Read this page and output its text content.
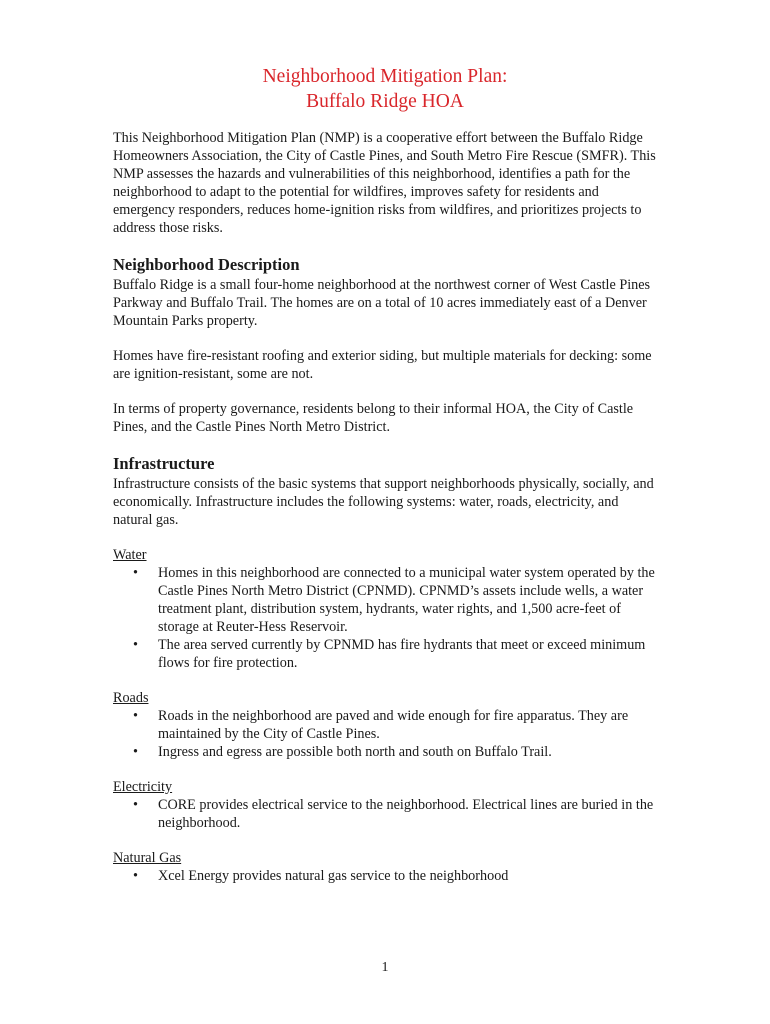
Neighborhood Mitigation Plan:
Buffalo Ridge HOA

This Neighborhood Mitigation Plan (NMP) is a cooperative effort between the Buffalo Ridge Homeowners Association, the City of Castle Pines, and South Metro Fire Rescue (SMFR). This NMP assesses the hazards and vulnerabilities of this neighborhood, identifies a path for the neighborhood to adapt to the potential for wildfires, improves safety for residents and emergency responders, reduces home-ignition risks from wildfires, and prioritizes projects to address those risks.

Neighborhood Description

Buffalo Ridge is a small four-home neighborhood at the northwest corner of West Castle Pines Parkway and Buffalo Trail. The homes are on a total of 10 acres immediately east of a Denver Mountain Parks property.

Homes have fire-resistant roofing and exterior siding, but multiple materials for decking: some are ignition-resistant, some are not.

In terms of property governance, residents belong to their informal HOA, the City of Castle Pines, and the Castle Pines North Metro District.

Infrastructure

Infrastructure consists of the basic systems that support neighborhoods physically, socially, and economically. Infrastructure includes the following systems: water, roads, electricity, and natural gas.

Water
• Homes in this neighborhood are connected to a municipal water system operated by the Castle Pines North Metro District (CPNMD). CPNMD’s assets include wells, a water treatment plant, distribution system, hydrants, water rights, and 1,500 acre-feet of storage at Reuter-Hess Reservoir.
• The area served currently by CPNMD has fire hydrants that meet or exceed minimum flows for fire protection.
Roads
• Roads in the neighborhood are paved and wide enough for fire apparatus. They are maintained by the City of Castle Pines.
• Ingress and egress are possible both north and south on Buffalo Trail.
Electricity
• CORE provides electrical service to the neighborhood. Electrical lines are buried in the neighborhood.
Natural Gas
• Xcel Energy provides natural gas service to the neighborhood
1
